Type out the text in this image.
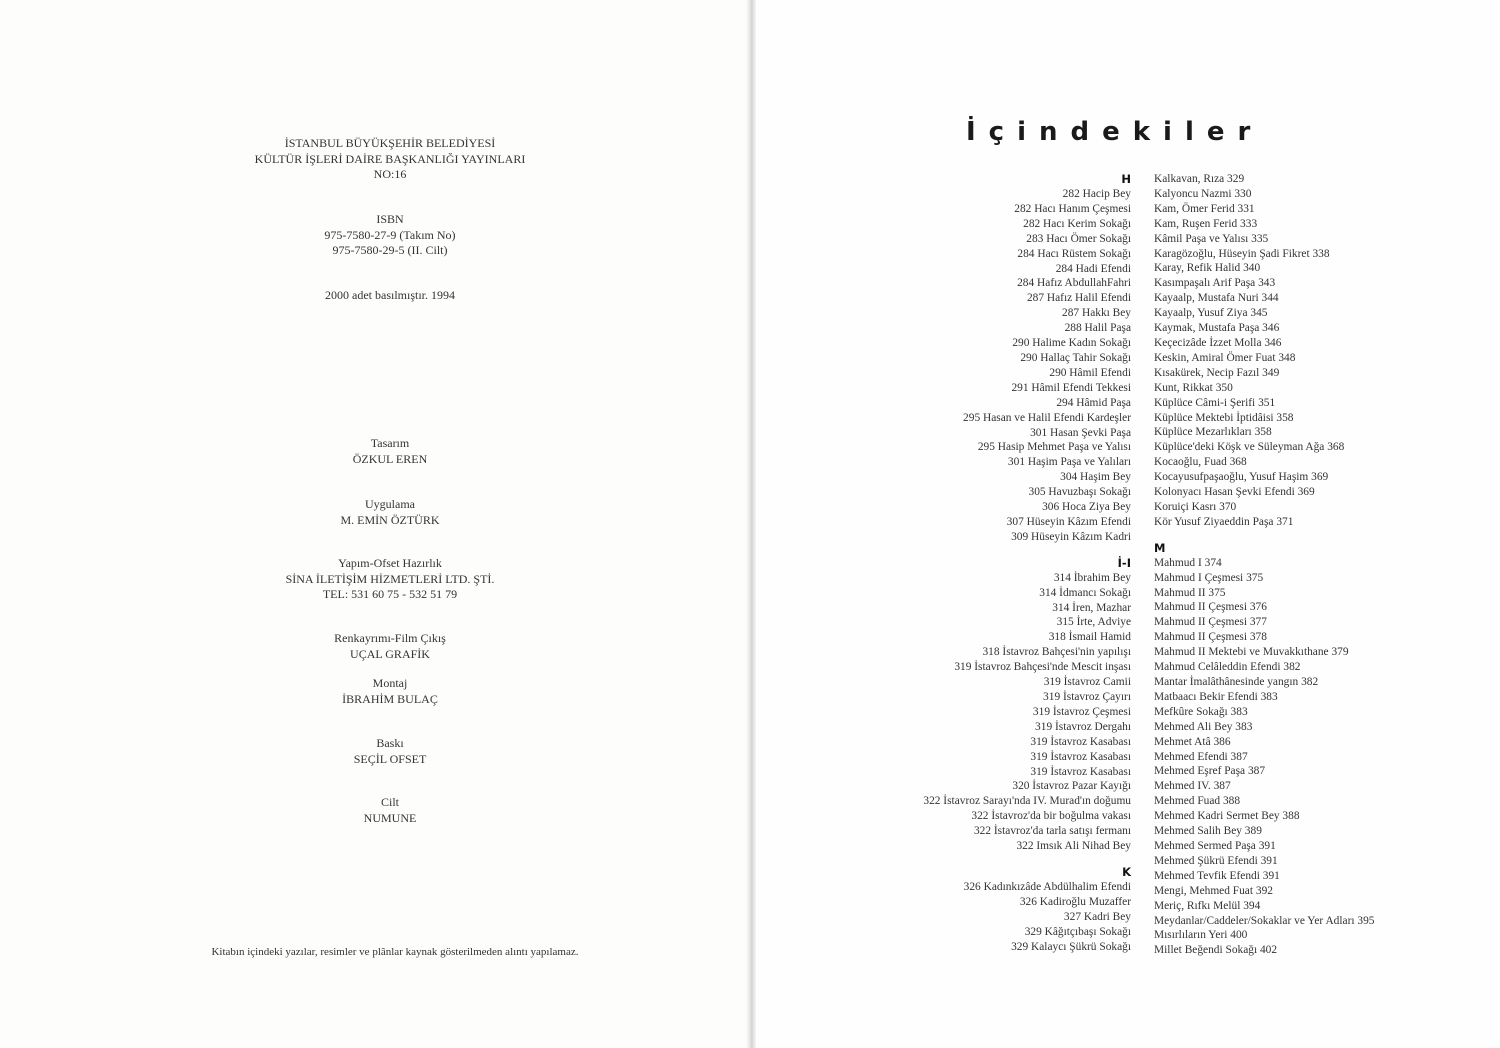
İSTANBUL BÜYÜKŞEHİR BELEDİYESİ
KÜLTÜR İŞLERİ DAİRE BAŞKANLIĞI YAYINLARI
NO:16
ISBN
975-7580-27-9 (Takım No)
975-7580-29-5 (II. Cilt)
2000 adet basılmıştır. 1994
Tasarım
ÖZKUL EREN
Uygulama
M. EMİN ÖZTÜRK
Yapım-Ofset Hazırlık
SİNA İLETİŞİM HİZMETLERİ LTD. ŞTİ.
TEL: 531 60 75 - 532 51 79
Renkayrımı-Film Çıkış
UÇAL GRAFİK
Montaj
İBRAHİM BULAÇ
Baskı
SEÇİL OFSET
Cilt
NUMUNE
Kitabın içindeki yazılar, resimler ve plânlar kaynak gösterilmeden alıntı yapılamaz.
İçindekiler
H
282 Hacip Bey
282 Hacı Hanım Çeşmesi
282 Hacı Kerim Sokağı
283 Hacı Ömer Sokağı
284 Hacı Rüstem Sokağı
284 Hadi Efendi
284 Hafız AbdullahFahri
287 Hafız Halil Efendi
287 Hakkı Bey
288 Halil Paşa
290 Halime Kadın Sokağı
290 Hallaç Tahir Sokağı
290 Hâmil Efendi
291 Hâmil Efendi Tekkesi
294 Hâmid Paşa
295 Hasan ve Halil Efendi Kardeşler
301 Hasan Şevki Paşa
295 Hasip Mehmet Paşa ve Yalısı
301 Haşim Paşa ve Yalıları
304 Haşim Bey
305 Havuzbaşı Sokağı
306 Hoca Ziya Bey
307 Hüseyin Kâzım Efendi
309 Hüseyin Kâzım Kadri
İ-I
314 İbrahim Bey
314 İdmancı Sokağı
314 İren, Mazhar
315 İrte, Adviye
318 İsmail Hamid
318 İstavroz Bahçesi'nin yapılışı
319 İstavroz Bahçesi'nde Mescit inşası
319 İstavroz Camii
319 İstavroz Çayırı
319 İstavroz Çeşmesi
319 İstavroz Dergahı
319 İstavroz Kasabası
319 İstavroz Kasabası
319 İstavroz Kasabası
320 İstavroz Pazar Kayığı
322 İstavroz Sarayı'nda IV. Murad'ın doğumu
322 İstavroz'da bir boğulma vakası
322 İstavroz'da tarla satışı fermanı
322 Imsık Ali Nihad Bey
K
326 Kadınkızâde Abdülhalim Efendi
326 Kadiroğlu Muzaffer
327 Kadri Bey
329 Kâğıtçıbaşı Sokağı
329 Kalaycı Şükrü Sokağı
Kalkavan, Rıza 329
Kalyoncu Nazmi 330
Kam, Ömer Ferid 331
Kam, Ruşen Ferid 333
Kâmil Paşa ve Yalısı 335
Karagözoğlu, Hüseyin Şadi Fikret 338
Karay, Refik Halid 340
Kasımpaşalı Arif Paşa 343
Kayaalp, Mustafa Nuri 344
Kayaalp, Yusuf Ziya 345
Kaymak, Mustafa Paşa 346
Keçecizâde İzzet Molla 346
Keskin, Amiral Ömer Fuat 348
Kısakürek, Necip Fazıl 349
Kunt, Rikkat 350
Küplüce Câmi-i Şerifi 351
Küplüce Mektebi İptidâisi 358
Küplüce Mezarlıkları 358
Küplüce'deki Köşk ve Süleyman Ağa 368
Kocaoğlu, Fuad 368
Kocayusufpaşaoğlu, Yusuf Haşim 369
Kolonyacı Hasan Şevki Efendi 369
Koruiçi Kasrı 370
Kör Yusuf Ziyaeddin Paşa 371
M
Mahmud I 374
Mahmud I Çeşmesi 375
Mahmud II 375
Mahmud II Çeşmesi 376
Mahmud II Çeşmesi 377
Mahmud II Çeşmesi 378
Mahmud II Mektebi ve Muvakkıthane 379
Mahmud Celâleddin Efendi 382
Mantar İmalâthânesinde yangın 382
Matbaacı Bekir Efendi 383
Mefkûre Sokağı 383
Mehmed Ali Bey 383
Mehmet Atâ 386
Mehmed Efendi 387
Mehmed Eşref Paşa 387
Mehmed IV. 387
Mehmed Fuad 388
Mehmed Kadri Sermet Bey 388
Mehmed Salih Bey 389
Mehmed Sermed Paşa 391
Mehmed Şükrü Efendi 391
Mehmed Tevfik Efendi 391
Mengi, Mehmed Fuat 392
Meriç, Rıfkı Melül 394
Meydanlar/Caddeler/Sokaklar ve Yer Adları 395
Mısırlıların Yeri 400
Millet Beğendi Sokağı 402
